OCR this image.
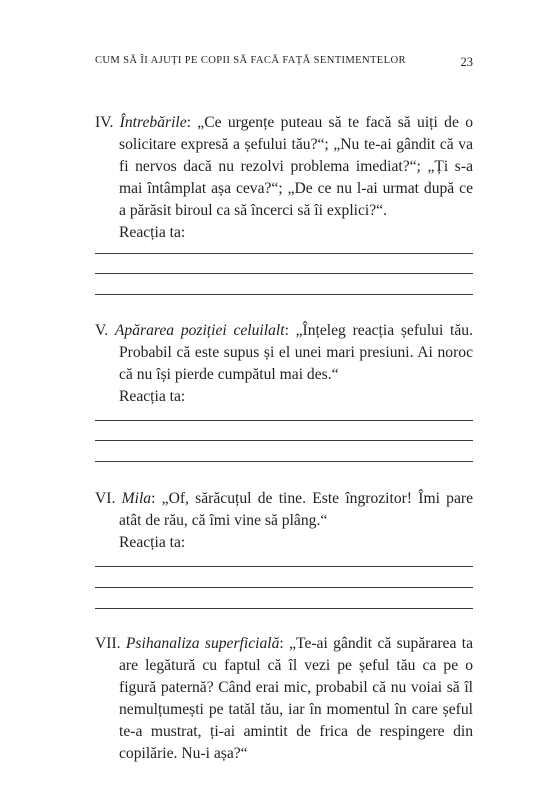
CUM SĂ ÎI AJUȚI PE COPII SĂ FACĂ FAȚĂ SENTIMENTELOR	23
IV. Întrebările: „Ce urgențe puteau să te facă să uiți de o solicitare expresă a șefului tău?“; „Nu te-ai gândit că va fi nervos dacă nu rezolvi problema imediat?“; „Ți s-a mai întâmplat așa ceva?“; „De ce nu l-ai urmat după ce a părăsit biroul ca să încerci să îi explici?“.
Reacția ta:
V. Apărarea poziției celuilalt: „Înțeleg reacția șefului tău. Probabil că este supus și el unei mari presiuni. Ai noroc că nu își pierde cumpătul mai des.“
Reacția ta:
VI. Mila: „Of, sărăcuțul de tine. Este îngrozitor! Îmi pare atât de rău, că îmi vine să plâng.“
Reacția ta:
VII. Psihanaliza superficială: „Te-ai gândit că supărarea ta are legătură cu faptul că îl vezi pe șeful tău ca pe o figură paternă? Când erai mic, probabil că nu voiai să îl nemulțumești pe tatăl tău, iar în momentul în care șeful te-a mustrat, ți-ai amintit de frica de respingere din copilărie. Nu-i așa?“
